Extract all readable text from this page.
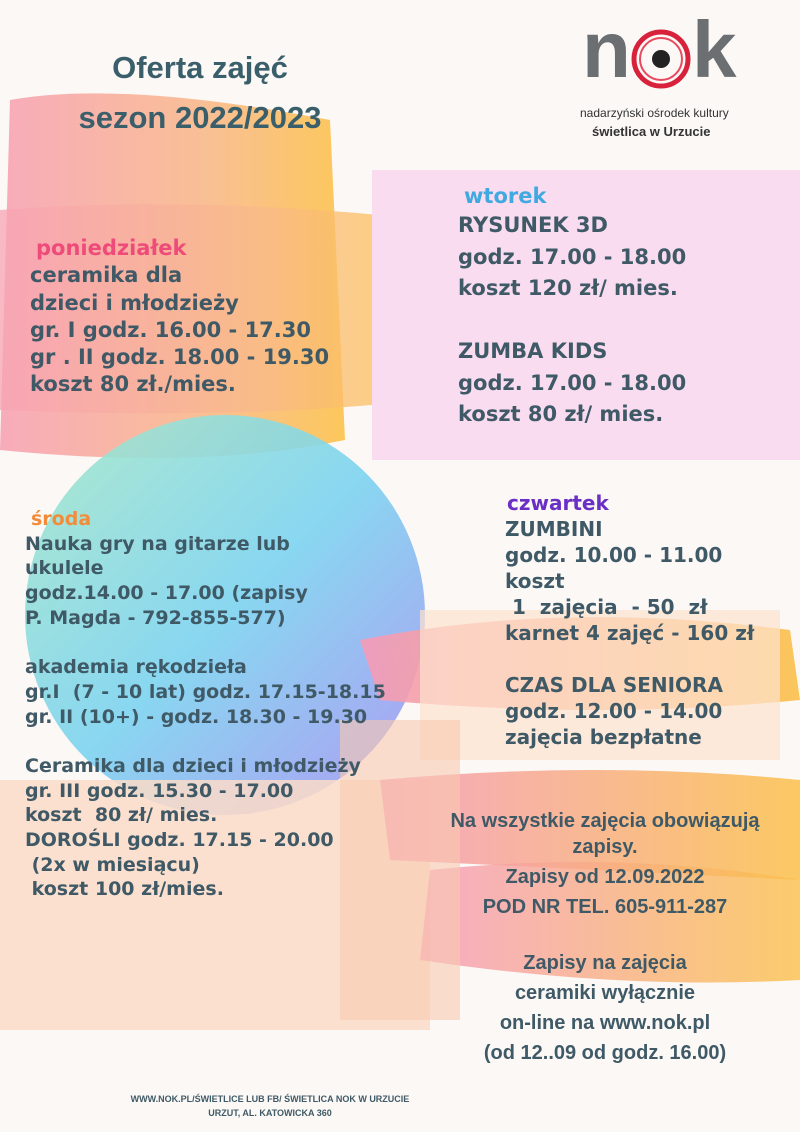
Oferta zajęć
sezon 2022/2023
n k
nadarzyński ośrodek kultury
świetlica w Urzucie
poniedziałek
ceramika dla
dzieci i młodzieży
gr. I godz. 16.00 - 17.30
gr . II godz. 18.00 - 19.30
koszt 80 zł./mies.
wtorek
RYSUNEK 3D
godz. 17.00 - 18.00
koszt 120 zł/ mies.

ZUMBA KIDS
godz. 17.00 - 18.00
koszt 80 zł/ mies.
środa
Nauka gry na gitarze lub
ukulele
godz.14.00 - 17.00 (zapisy
P. Magda - 792-855-577)

akademia rękodzieła
gr.I  (7 - 10 lat) godz. 17.15-18.15
gr. II (10+) - godz. 18.30 - 19.30

Ceramika dla dzieci i młodzieży
gr. III godz. 15.30 - 17.00
koszt  80 zł/ mies.
DOROŚLI godz. 17.15 - 20.00
(2x w miesiącu)
koszt 100 zł/mies.
czwartek
ZUMBINI
godz. 10.00 - 11.00
koszt
1  zajęcia  - 50  zł
karnet 4 zajęć - 160 zł

CZAS DLA SENIORA
godz. 12.00 - 14.00
zajęcia bezpłatne
Na wszystkie zajęcia obowiązują
zapisy.
Zapisy od 12.09.2022
POD NR TEL. 605-911-287

Zapisy na zajęcia
ceramiki wyłącznie
on-line na www.nok.pl
(od 12..09 od godz. 16.00)
WWW.NOK.PL/ŚWIETLICE LUB FB/ ŚWIETLICA NOK W URZUCIE
URZUT, AL. KATOWICKA 360
